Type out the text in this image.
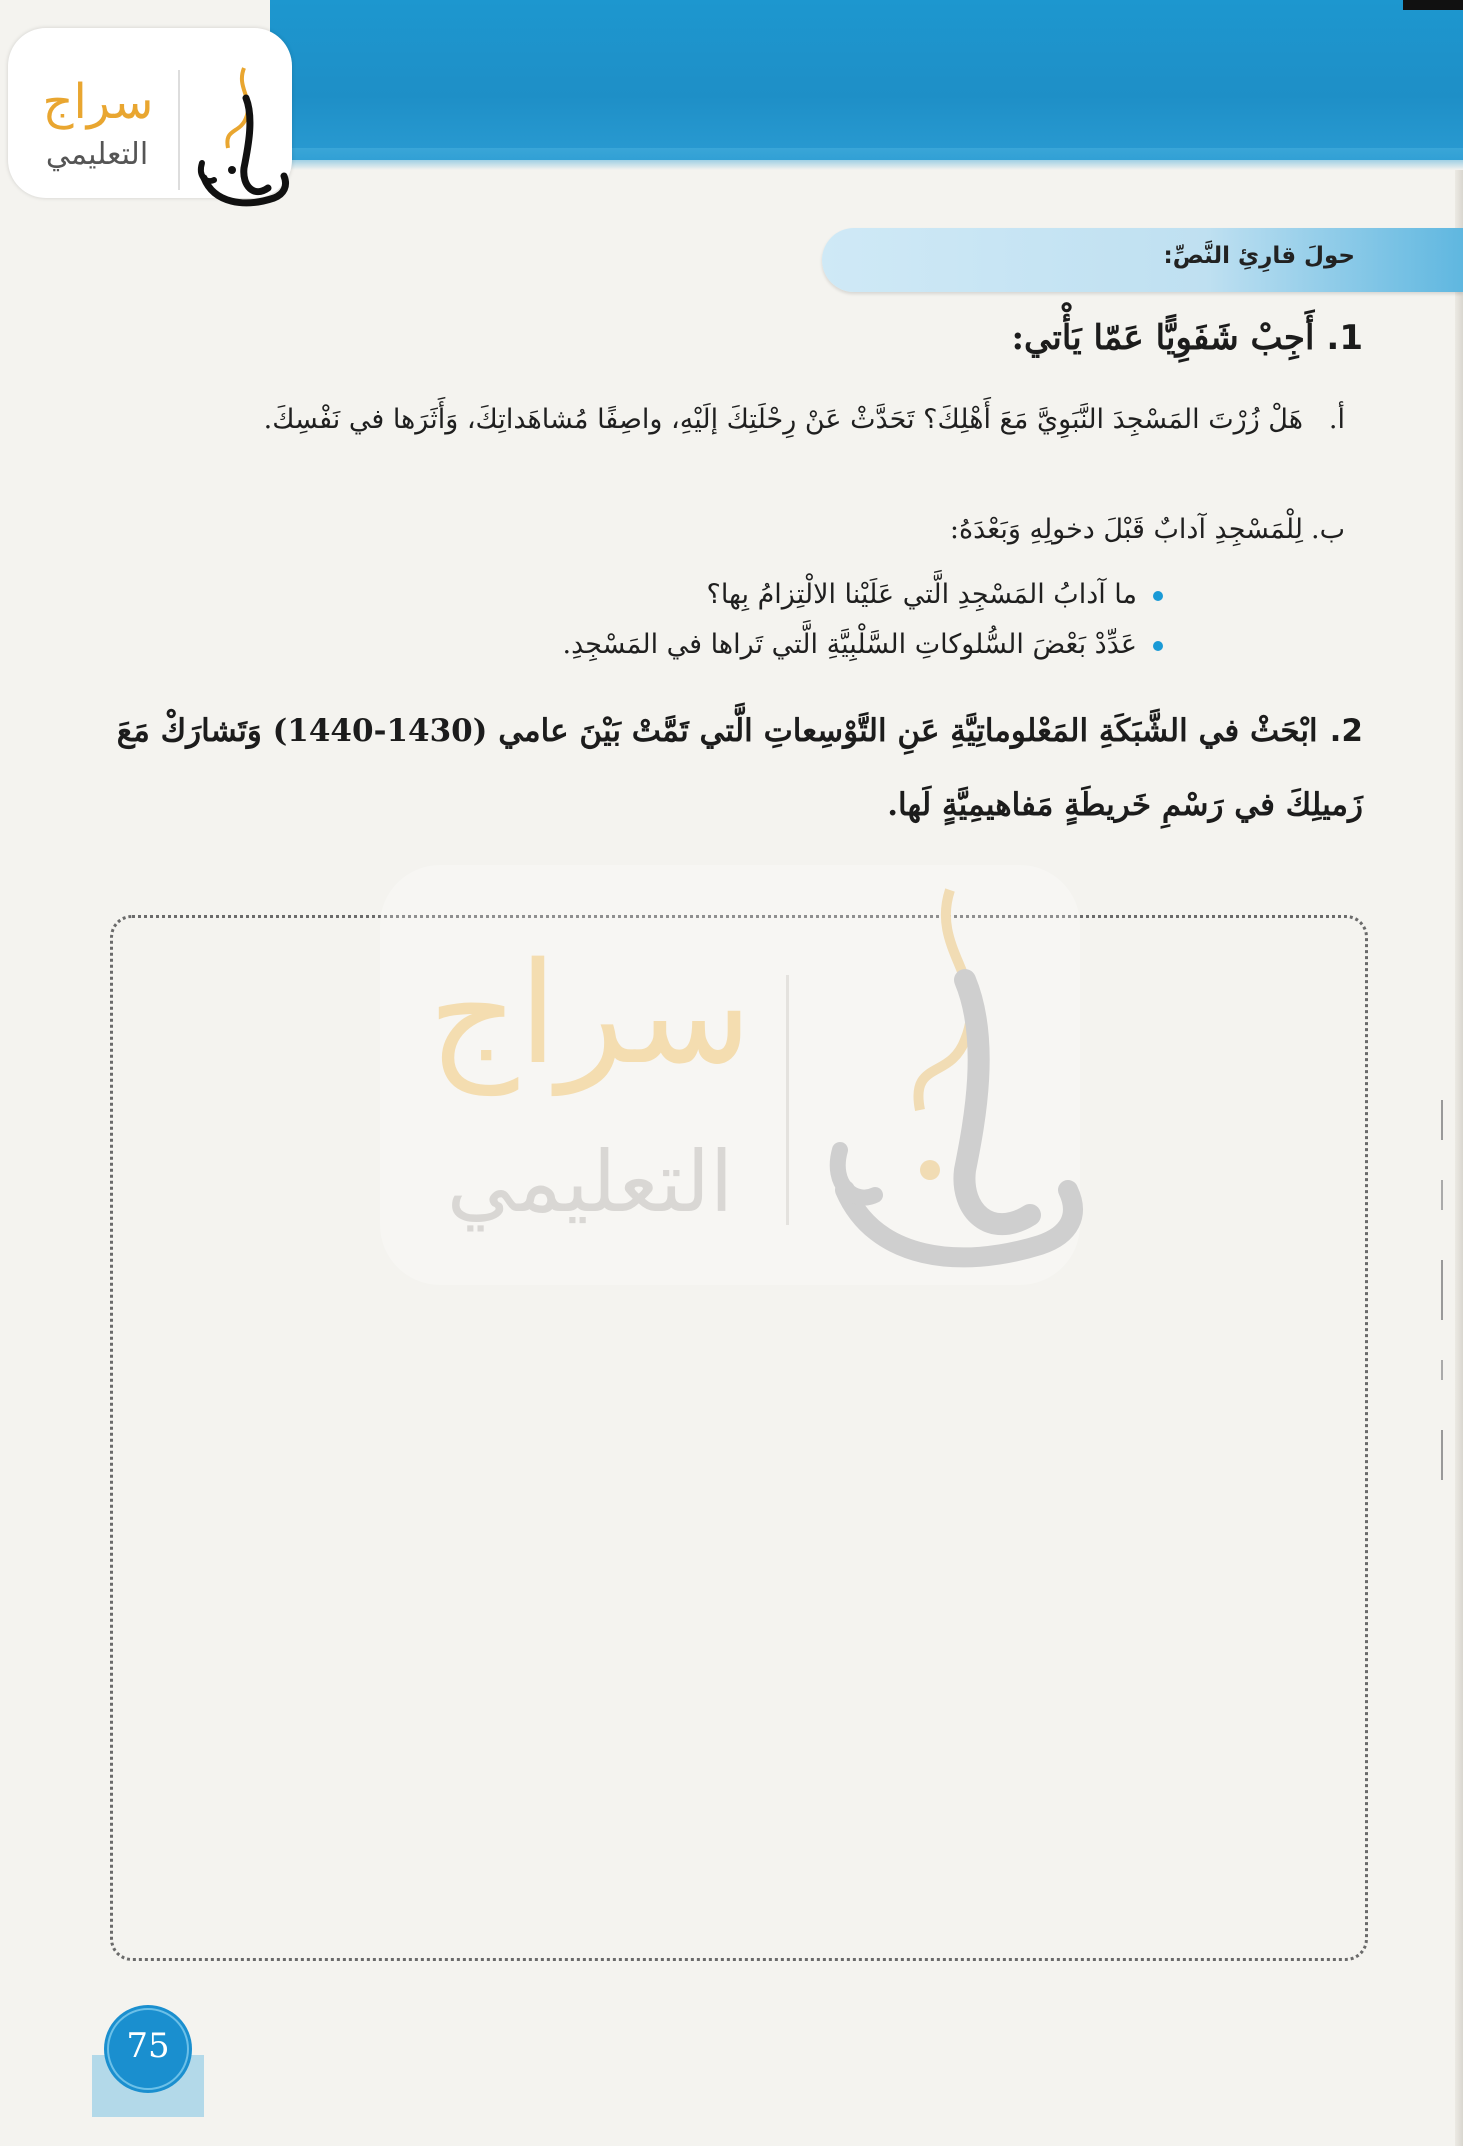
سراج
التعليمي
حولَ قارِئِ النَّصِّ:
1.أَجِبْ شَفَوِيًّا عَمّا يَأْتي:
أ.هَلْ زُرْتَ المَسْجِدَ النَّبَوِيَّ مَعَ أَهْلِكَ؟ تَحَدَّثْ عَنْ رِحْلَتِكَ إلَيْهِ، واصِفًا مُشاهَداتِكَ، وَأَثَرَها في نَفْسِكَ.
ب.لِلْمَسْجِدِ آدابٌ قَبْلَ دخولِهِ وَبَعْدَهُ:
ما آدابُ المَسْجِدِ الَّتي عَلَيْنا الالْتِزامُ بِها؟
عَدِّدْ بَعْضَ السُّلوكاتِ السَّلْبِيَّةِ الَّتي تَراها في المَسْجِدِ.
2.ابْحَثْ في الشَّبَكَةِ المَعْلوماتِيَّةِ عَنِ التَّوْسِعاتِ الَّتي تَمَّتْ بَيْنَ عامي (1430-1440) وَتَشارَكْ مَعَ زَميلِكَ في رَسْمِ خَريطَةٍ مَفاهيمِيَّةٍ لَها.
سراج
التعليمي
75
